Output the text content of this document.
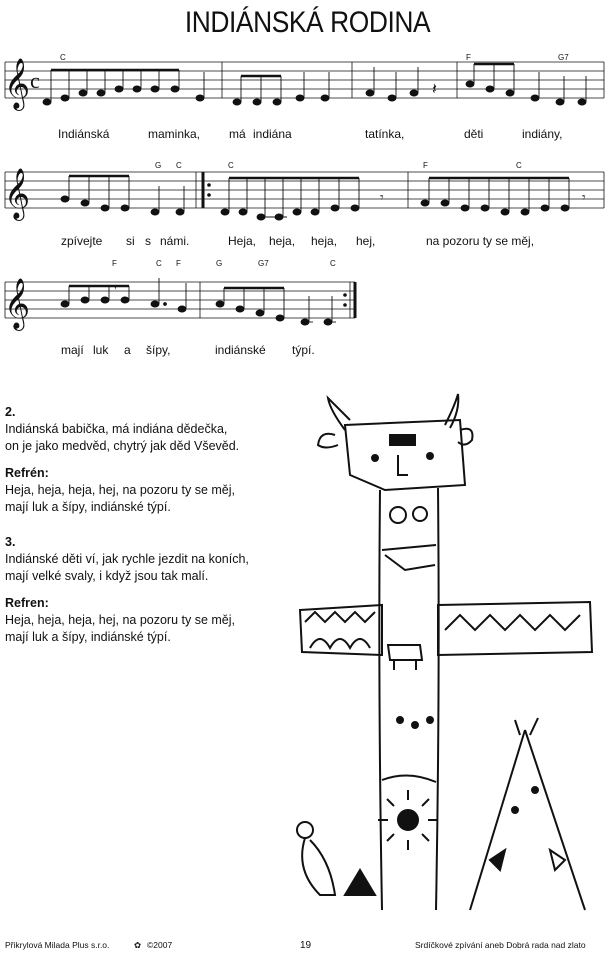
INDIÁNSKÁ RODINA
𝄞
𝄞
𝄞
c	𝄽
𝄾	𝄾
C	F	G7
G C	C	F	C
F	C F	G	G7	C
,
Indiánská	maminka, má indiána	tatínka,	děti	indiány,
zpívejte si s námi.	Heja, heja, heja, hej,	na pozoru ty se měj,
mají luk a šípy,	indiánské týpí.

2.

Indiánská babička, má indiána dědečka,

on je jako medvěd, chytrý jak děd Vševěd.

Refrén:

Heja, heja, heja, hej, na pozoru ty se měj,

mají luk a šípy, indiánské týpí.

3.

Indiánské děti ví, jak rychle jezdit na koních,

mají velké svaly, i když jsou tak malí.

Refren:

Heja, heja, heja, hej, na pozoru ty se měj,

mají luk a šípy, indiánské týpí.

Přikrylová Milada Plus s.r.o.	✿ ©2007	19	Srdíčkové zpívání aneb Dobrá rada nad zlato
